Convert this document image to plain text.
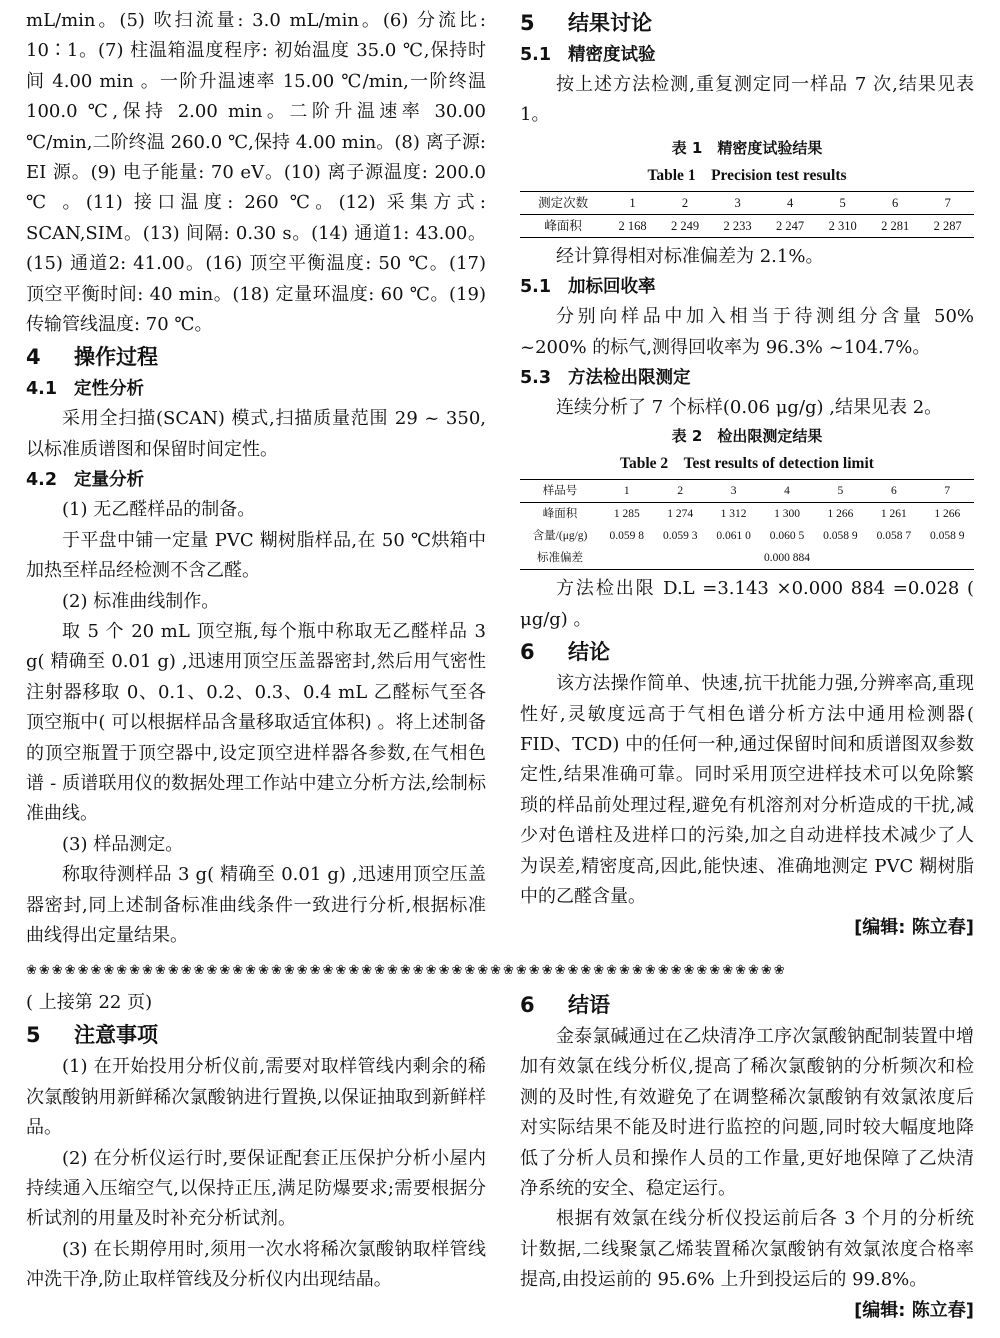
mL/min。(5) 吹扫流量: 3.0 mL/min。(6) 分流比: 10∶1。(7) 柱温箱温度程序: 初始温度 35.0 ℃,保持时间 4.00 min 。一阶升温速率 15.00 ℃/min,一阶终温 100.0 ℃,保持 2.00 min。二阶升温速率 30.00 ℃/min,二阶终温 260.0 ℃,保持 4.00 min。(8) 离子源: EI 源。(9) 电子能量: 70 eV。(10) 离子源温度: 200.0 ℃ 。(11) 接口温度: 260 ℃。(12) 采集方式: SCAN,SIM。(13) 间隔: 0.30 s。(14) 通道1: 43.00。(15) 通道2: 41.00。(16) 顶空平衡温度: 50 ℃。(17) 顶空平衡时间: 40 min。(18) 定量环温度: 60 ℃。(19) 传输管线温度: 70 ℃。

4 操作过程
4.1 定性分析

采用全扫描(SCAN) 模式,扫描质量范围 29 ~ 350,以标准质谱图和保留时间定性。

4.2 定量分析

(1) 无乙醛样品的制备。

于平盘中铺一定量 PVC 糊树脂样品,在 50 ℃烘箱中加热至样品经检测不含乙醛。

(2) 标准曲线制作。

取 5 个 20 mL 顶空瓶,每个瓶中称取无乙醛样品 3 g( 精确至 0.01 g) ,迅速用顶空压盖器密封,然后用气密性注射器移取 0、0.1、0.2、0.3、0.4 mL 乙醛标气至各顶空瓶中( 可以根据样品含量移取适宜体积) 。将上述制备的顶空瓶置于顶空器中,设定顶空进样器各参数,在气相色谱 - 质谱联用仪的数据处理工作站中建立分析方法,绘制标准曲线。

(3) 样品测定。

称取待测样品 3 g( 精确至 0.01 g) ,迅速用顶空压盖器密封,同上述制备标准曲线条件一致进行分析,根据标准曲线得出定量结果。

5 结果讨论
5.1 精密度试验

按上述方法检测,重复测定同一样品 7 次,结果见表 1。

表 1　精密度试验结果

Table 1　Precision test results

测定次数	1	2	3	4	5	6	7
峰面积	2 168	2 249	2 233	2 247	2 310	2 281	2 287

经计算得相对标准偏差为 2.1%。

5.1 加标回收率

分别向样品中加入相当于待测组分含量 50% ~200% 的标气,测得回收率为 96.3% ~104.7%。

5.3 方法检出限测定

连续分析了 7 个标样(0.06 μg/g) ,结果见表 2。

表 2　检出限测定结果

Table 2　Test results of detection limit

样品号	1	2	3	4	5	6	7
峰面积	1 285	1 274	1 312	1 300	1 266	1 261	1 266
含量/(μg/g)	0.059 8	0.059 3	0.061 0	0.060 5	0.058 9	0.058 7	0.058 9
标准偏差	0.000 884						

方法检出限 D.L =3.143 ×0.000 884 =0.028 ( μg/g) 。

6 结论

该方法操作简单、快速,抗干扰能力强,分辨率高,重现性好,灵敏度远高于气相色谱分析方法中通用检测器( FID、TCD) 中的任何一种,通过保留时间和质谱图双参数定性,结果准确可靠。同时采用顶空进样技术可以免除繁琐的样品前处理过程,避免有机溶剂对分析造成的干扰,减少对色谱柱及进样口的污染,加之自动进样技术减少了人为误差,精密度高,因此,能快速、准确地测定 PVC 糊树脂中的乙醛含量。

[编辑: 陈立春]

❀❀❀❀❀❀❀❀❀❀❀❀❀❀❀❀❀❀❀❀❀❀❀❀❀❀❀❀❀❀❀❀❀❀❀❀❀❀❀❀❀❀❀❀❀❀❀❀❀❀❀❀❀❀❀❀❀❀❀

( 上接第 22 页)

5 注意事项

(1) 在开始投用分析仪前,需要对取样管线内剩余的稀次氯酸钠用新鲜稀次氯酸钠进行置换,以保证抽取到新鲜样品。

(2) 在分析仪运行时,要保证配套正压保护分析小屋内持续通入压缩空气,以保持正压,满足防爆要求;需要根据分析试剂的用量及时补充分析试剂。

(3) 在长期停用时,须用一次水将稀次氯酸钠取样管线冲洗干净,防止取样管线及分析仪内出现结晶。

6 结语

金泰氯碱通过在乙炔清净工序次氯酸钠配制装置中增加有效氯在线分析仪,提高了稀次氯酸钠的分析频次和检测的及时性,有效避免了在调整稀次氯酸钠有效氯浓度后对实际结果不能及时进行监控的问题,同时较大幅度地降低了分析人员和操作人员的工作量,更好地保障了乙炔清净系统的安全、稳定运行。

根据有效氯在线分析仪投运前后各 3 个月的分析统计数据,二线聚氯乙烯装置稀次氯酸钠有效氯浓度合格率提高,由投运前的 95.6% 上升到投运后的 99.8%。

[编辑: 陈立春]
